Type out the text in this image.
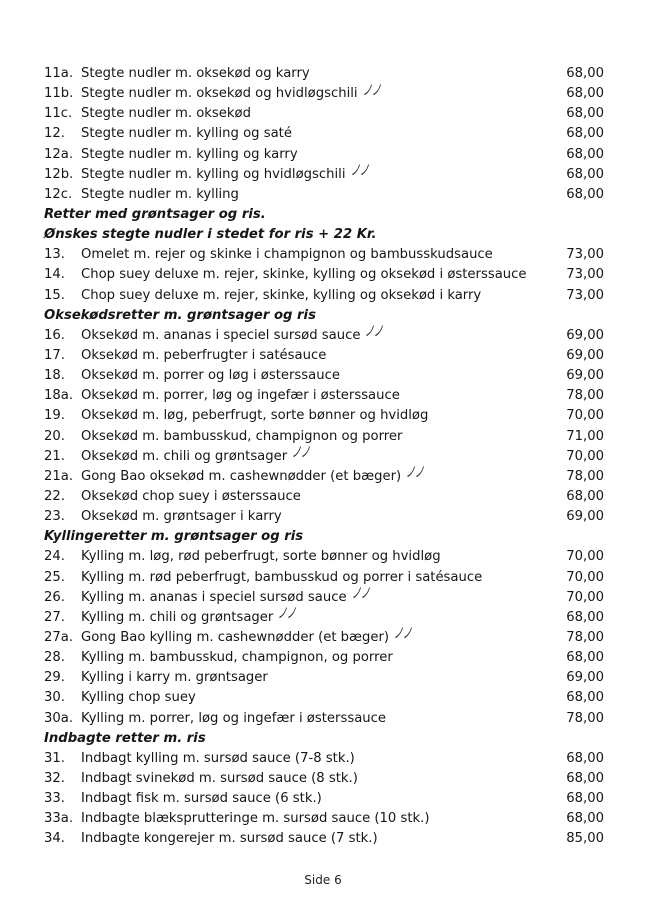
11a. Stegte nudler m. oksekød og karry	68,00
11b. Stegte nudler m. oksekød og hvidløgschili	68,00
11c. Stegte nudler m. oksekød	68,00
12. Stegte nudler m. kylling og saté	68,00
12a. Stegte nudler m. kylling og karry	68,00
12b. Stegte nudler m. kylling og hvidløgschili	68,00
12c. Stegte nudler m. kylling	68,00
Retter med grøntsager og ris.
Ønskes stegte nudler i stedet for ris + 22 Kr.
13. Omelet m. rejer og skinke i champignon og bambusskudsauce	73,00
14. Chop suey deluxe m. rejer, skinke, kylling og oksekød i østerssauce	73,00
15. Chop suey deluxe m. rejer, skinke, kylling og oksekød i karry	73,00
Oksekødsretter m. grøntsager og ris
16. Oksekød m. ananas i speciel sursød sauce	69,00
17. Oksekød m. peberfrugter i satésauce	69,00
18. Oksekød m. porrer og løg i østerssauce	69,00
18a. Oksekød m. porrer, løg og ingefær i østerssauce	78,00
19. Oksekød m. løg, peberfrugt, sorte bønner og hvidløg	70,00
20. Oksekød m. bambusskud, champignon og porrer	71,00
21. Oksekød m. chili og grøntsager	70,00
21a. Gong Bao oksekød m. cashewnødder (et bæger)	78,00
22. Oksekød chop suey i østerssauce	68,00
23. Oksekød m. grøntsager i karry	69,00
Kyllingeretter m. grøntsager og ris
24. Kylling m. løg, rød peberfrugt, sorte bønner og hvidløg	70,00
25. Kylling m. rød peberfrugt, bambusskud og porrer i satésauce	70,00
26. Kylling m. ananas i speciel sursød sauce	70,00
27. Kylling m. chili og grøntsager	68,00
27a. Gong Bao kylling m. cashewnødder (et bæger)	78,00
28. Kylling m. bambusskud, champignon, og porrer	68,00
29. Kylling i karry m. grøntsager	69,00
30. Kylling chop suey	68,00
30a. Kylling m. porrer, løg og ingefær i østerssauce	78,00
Indbagte retter m. ris
31. Indbagt kylling m. sursød sauce (7-8 stk.)	68,00
32. Indbagt svinekød m. sursød sauce (8 stk.)	68,00
33. Indbagt fisk m. sursød sauce (6 stk.)	68,00
33a. Indbagte blæksprutteringe m. sursød sauce (10 stk.)	68,00
34. Indbagte kongerejer m. sursød sauce (7 stk.)	85,00
Side 6
